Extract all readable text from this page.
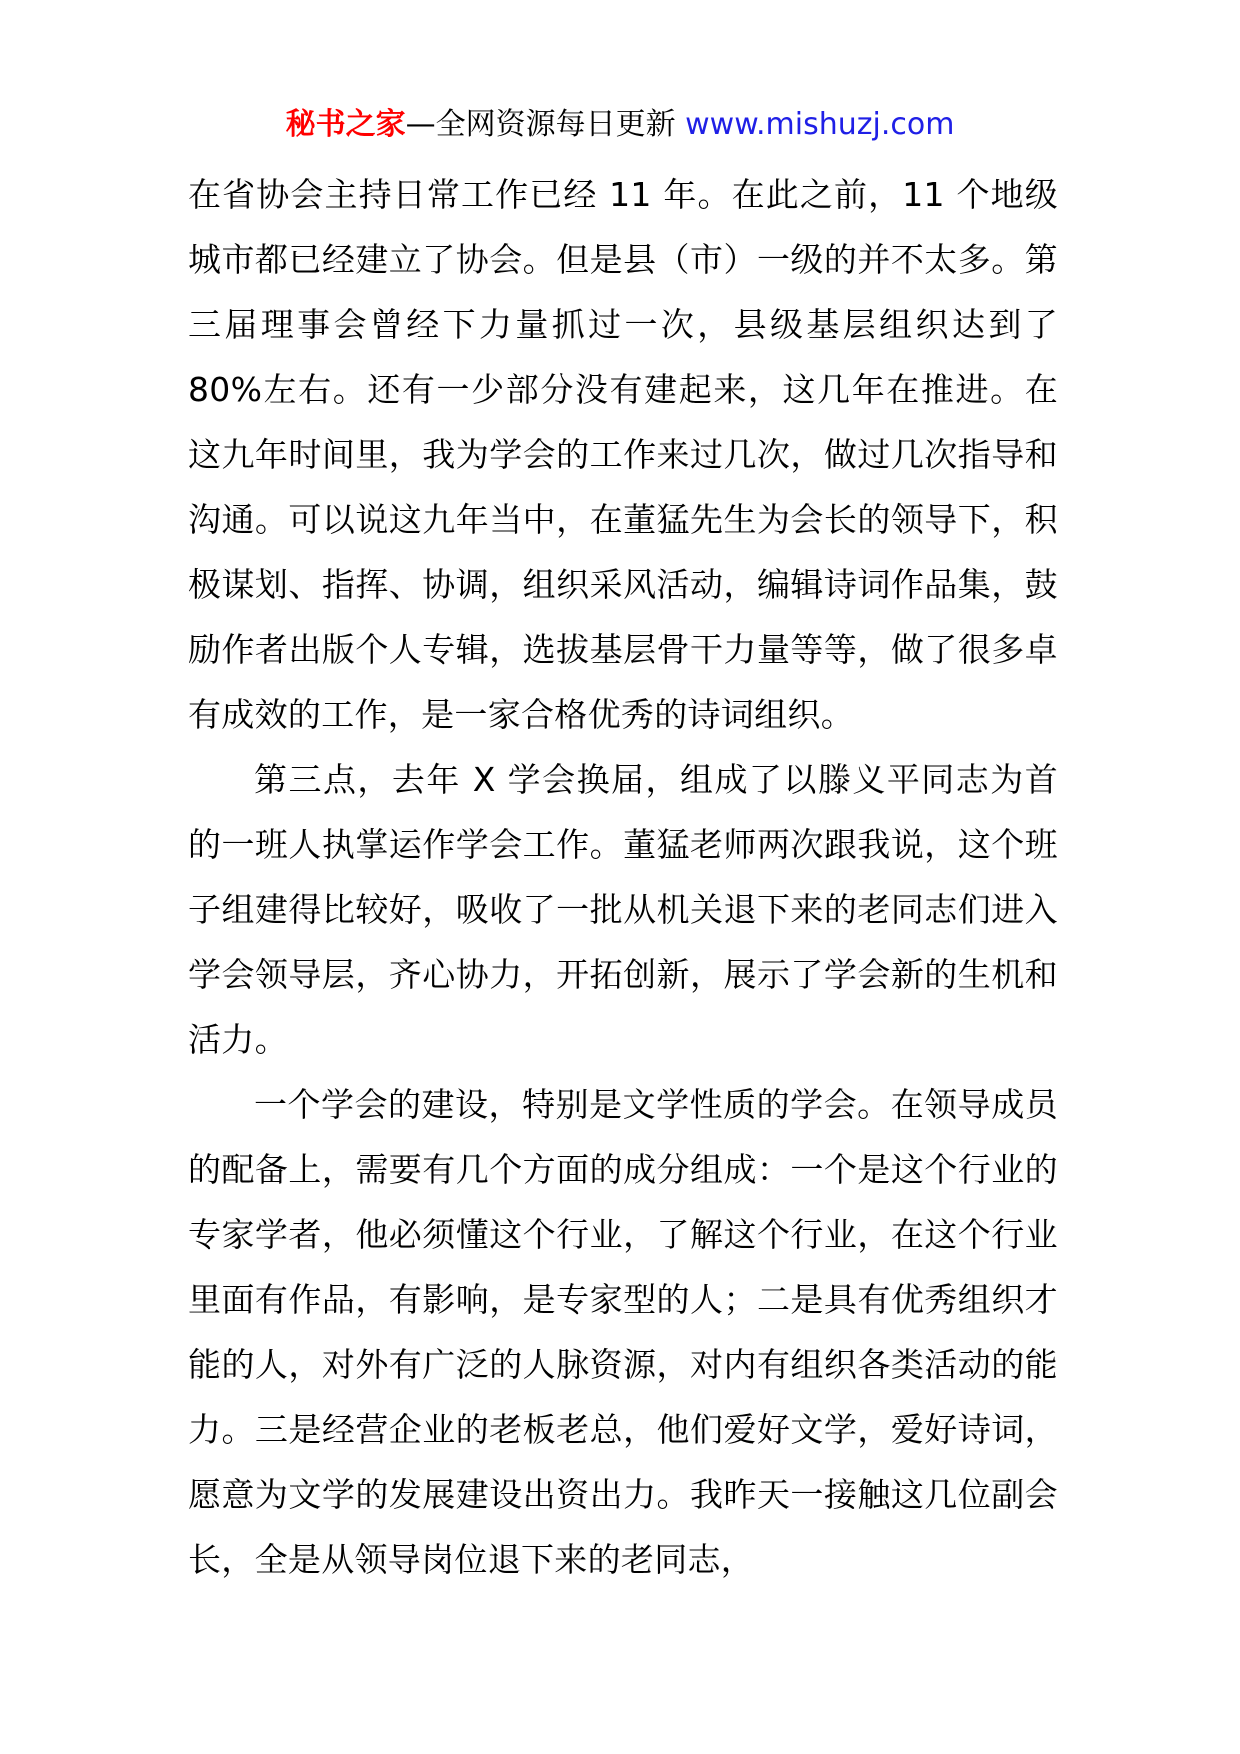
秘书之家—全网资源每日更新 www.mishuzj.com

在省协会主持日常工作已经 11 年。在此之前，11 个地级城市都已经建立了协会。但是县（市）一级的并不太多。第三届理事会曾经下力量抓过一次，县级基层组织达到了 80%左右。还有一少部分没有建起来，这几年在推进。在这九年时间里，我为学会的工作来过几次，做过几次指导和沟通。可以说这九年当中，在董猛先生为会长的领导下，积极谋划、指挥、协调，组织采风活动，编辑诗词作品集，鼓励作者出版个人专辑，选拔基层骨干力量等等，做了很多卓有成效的工作，是一家合格优秀的诗词组织。

第三点，去年 X 学会换届，组成了以滕义平同志为首的一班人执掌运作学会工作。董猛老师两次跟我说，这个班子组建得比较好，吸收了一批从机关退下来的老同志们进入学会领导层，齐心协力，开拓创新，展示了学会新的生机和活力。

一个学会的建设，特别是文学性质的学会。在领导成员的配备上，需要有几个方面的成分组成：一个是这个行业的专家学者，他必须懂这个行业，了解这个行业，在这个行业里面有作品，有影响，是专家型的人；二是具有优秀组织才能的人，对外有广泛的人脉资源，对内有组织各类活动的能力。三是经营企业的老板老总，他们爱好文学，爱好诗词，愿意为文学的发展建设出资出力。我昨天一接触这几位副会长，全是从领导岗位退下来的老同志，
